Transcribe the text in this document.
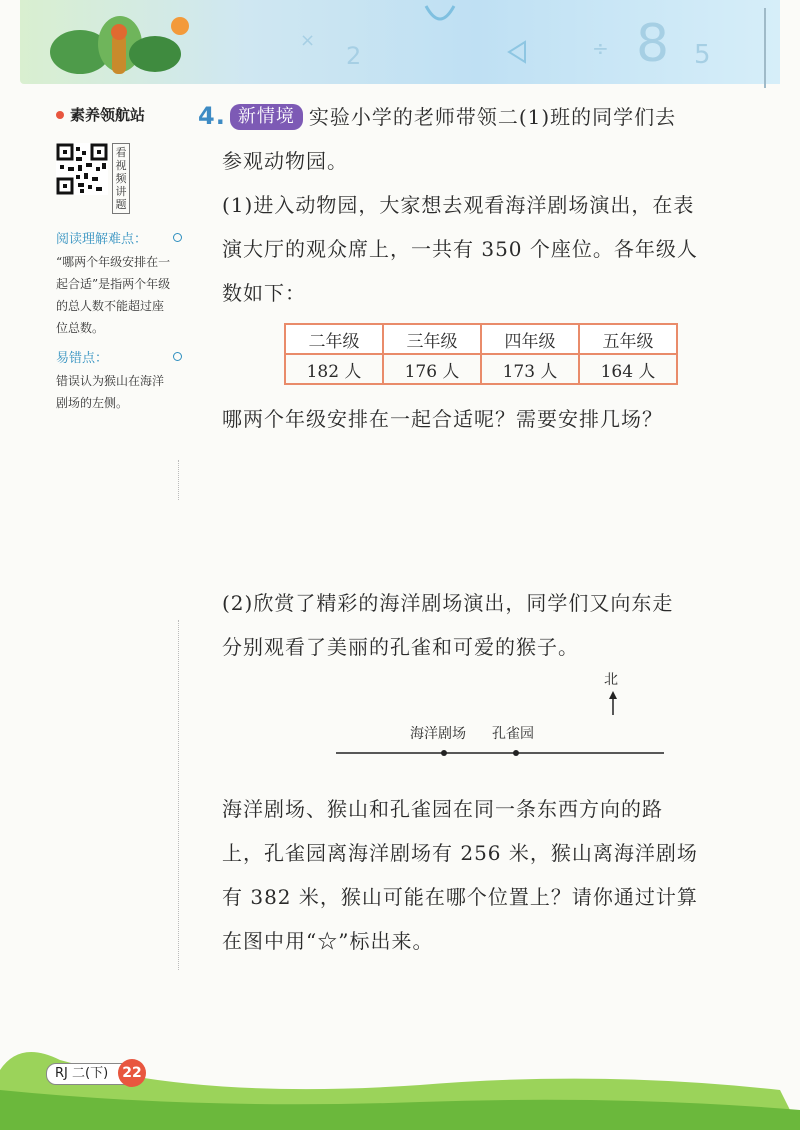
×
2	÷ 8 5
素养领航站
看视频讲题
阅读理解难点：
“哪两个年级安排在一起合适”是指两个年级的总人数不能超过座位总数。
易错点：
错误认为猴山在海洋剧场的左侧。
4. 新情境 实验小学的老师带领二(1)班的同学们去
参观动物园。
(1)进入动物园，大家想去观看海洋剧场演出，在表
演大厅的观众席上，一共有 350 个座位。各年级人
数如下：
二年级	三年级	四年级	五年级
182 人	176 人	173 人	164 人
哪两个年级安排在一起合适呢？需要安排几场？
(2)欣赏了精彩的海洋剧场演出，同学们又向东走
分别观看了美丽的孔雀和可爱的猴子。
北
海洋剧场 孔雀园
海洋剧场、猴山和孔雀园在同一条东西方向的路
上，孔雀园离海洋剧场有 256 米，猴山离海洋剧场
有 382 米，猴山可能在哪个位置上？请你通过计算
在图中用“☆”标出来。
RJ 二(下)	22
